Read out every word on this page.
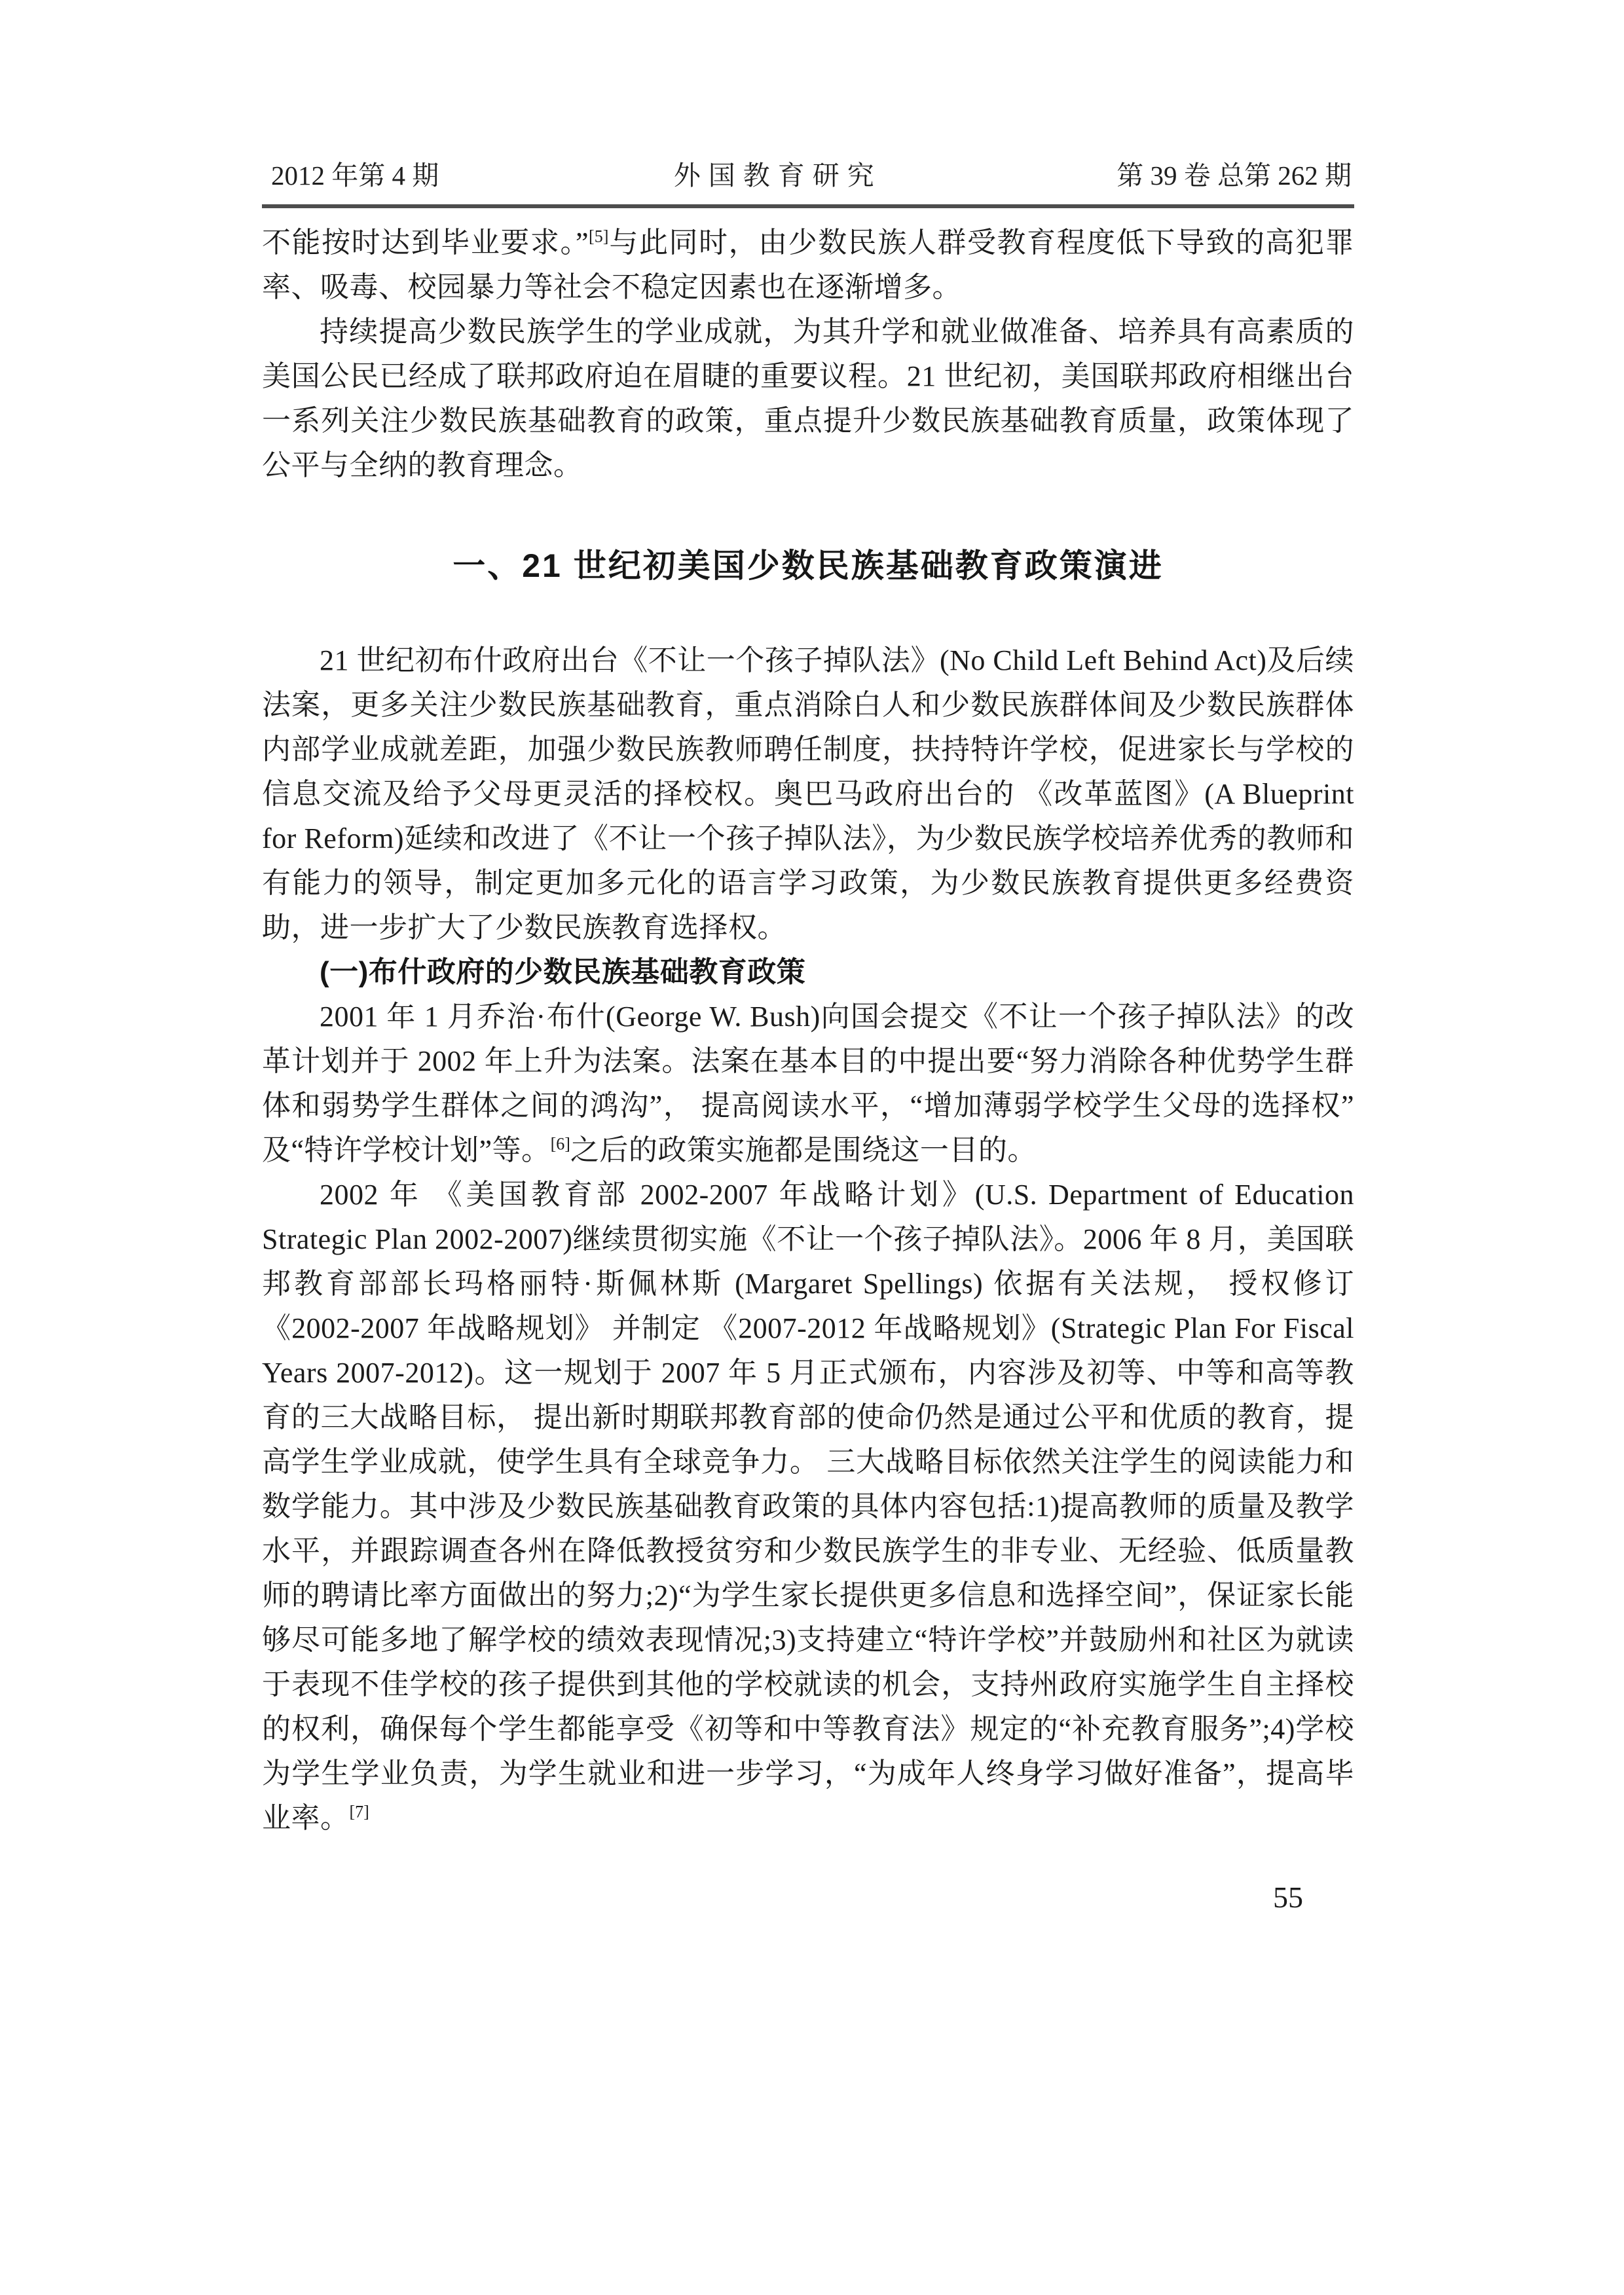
2012 年第 4 期	外国教育研究	第 39 卷 总第 262 期

不能按时达到毕业要求。”[5]与此同时，由少数民族人群受教育程度低下导致的高犯罪率、吸毒、校园暴力等社会不稳定因素也在逐渐增多。

持续提高少数民族学生的学业成就，为其升学和就业做准备、培养具有高素质的美国公民已经成了联邦政府迫在眉睫的重要议程。21 世纪初，美国联邦政府相继出台一系列关注少数民族基础教育的政策，重点提升少数民族基础教育质量，政策体现了公平与全纳的教育理念。

一、21 世纪初美国少数民族基础教育政策演进

21 世纪初布什政府出台《不让一个孩子掉队法》(No Child Left Behind Act)及后续法案，更多关注少数民族基础教育，重点消除白人和少数民族群体间及少数民族群体内部学业成就差距，加强少数民族教师聘任制度，扶持特许学校，促进家长与学校的信息交流及给予父母更灵活的择校权。奥巴马政府出台的 《改革蓝图》(A Blueprint for Reform)延续和改进了《不让一个孩子掉队法》，为少数民族学校培养优秀的教师和有能力的领导，制定更加多元化的语言学习政策，为少数民族教育提供更多经费资助，进一步扩大了少数民族教育选择权。

(一)布什政府的少数民族基础教育政策

2001 年 1 月乔治·布什(George W. Bush)向国会提交《不让一个孩子掉队法》的改革计划并于 2002 年上升为法案。法案在基本目的中提出要“努力消除各种优势学生群体和弱势学生群体之间的鸿沟”， 提高阅读水平，“增加薄弱学校学生父母的选择权”及“特许学校计划”等。[6]之后的政策实施都是围绕这一目的。

2002 年 《美国教育部 2002-2007 年战略计划》(U.S. Department of Education Strategic Plan 2002-2007)继续贯彻实施《不让一个孩子掉队法》。2006 年 8 月，美国联邦教育部部长玛格丽特·斯佩林斯 (Margaret Spellings) 依据有关法规， 授权修订《2002-2007 年战略规划》 并制定 《2007-2012 年战略规划》(Strategic Plan For Fiscal Years 2007-2012)。这一规划于 2007 年 5 月正式颁布，内容涉及初等、中等和高等教育的三大战略目标， 提出新时期联邦教育部的使命仍然是通过公平和优质的教育，提高学生学业成就，使学生具有全球竞争力。 三大战略目标依然关注学生的阅读能力和数学能力。其中涉及少数民族基础教育政策的具体内容包括:1)提高教师的质量及教学水平，并跟踪调查各州在降低教授贫穷和少数民族学生的非专业、无经验、低质量教师的聘请比率方面做出的努力;2)“为学生家长提供更多信息和选择空间”，保证家长能够尽可能多地了解学校的绩效表现情况;3)支持建立“特许学校”并鼓励州和社区为就读于表现不佳学校的孩子提供到其他的学校就读的机会，支持州政府实施学生自主择校的权利，确保每个学生都能享受《初等和中等教育法》规定的“补充教育服务”;4)学校为学生学业负责，为学生就业和进一步学习，“为成年人终身学习做好准备”，提高毕业率。[7]

55
